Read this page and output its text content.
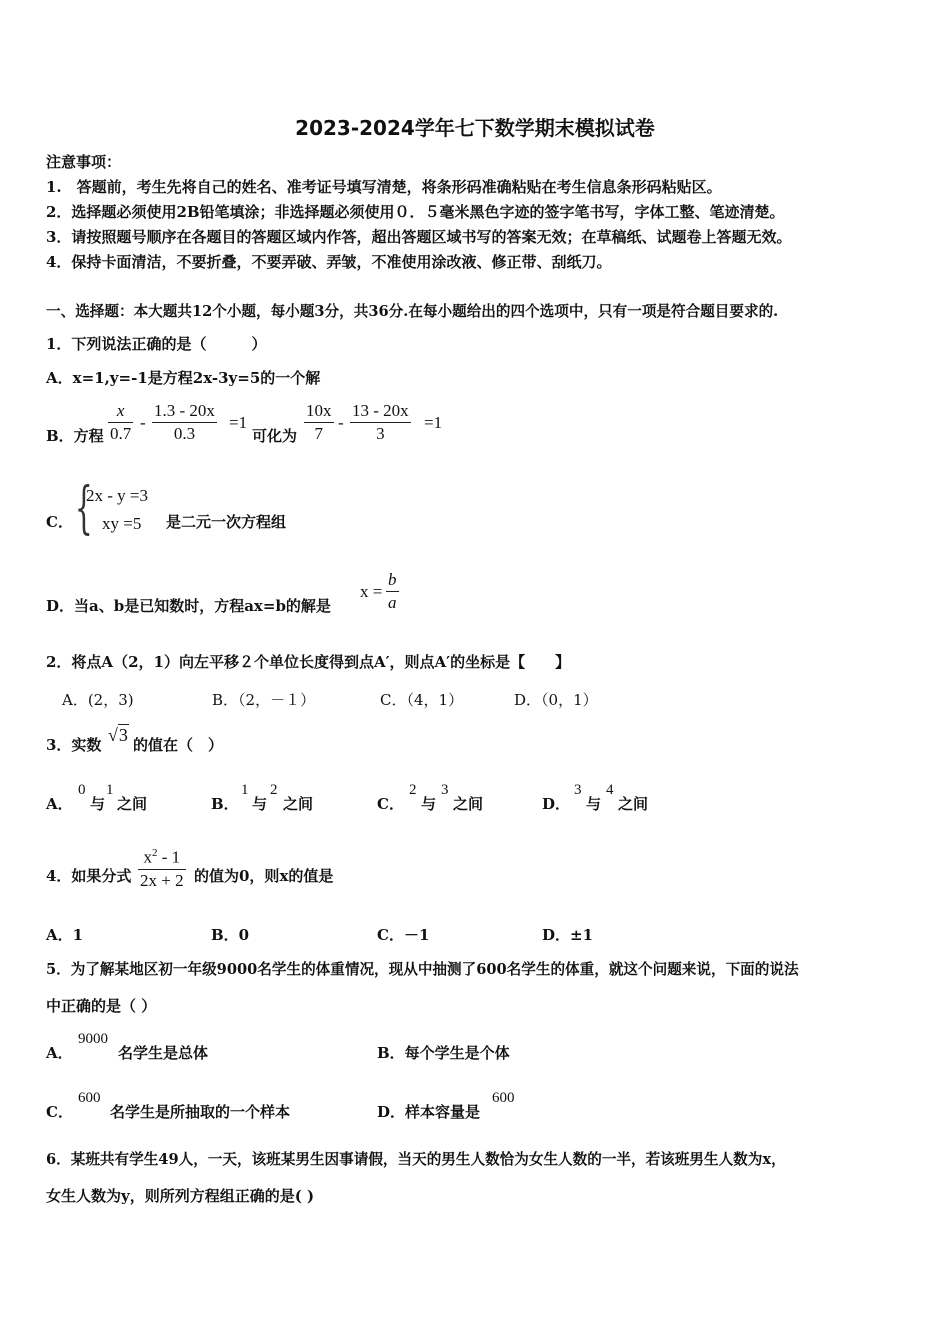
2023-2024学年七下数学期末模拟试卷
注意事项：
1.　答题前，考生先将自己的姓名、准考证号填写清楚，将条形码准确粘贴在考生信息条形码粘贴区。
2．选择题必须使用2B铅笔填涂；非选择题必须使用０．５毫米黑色字迹的签字笔书写，字体工整、笔迹清楚。
3．请按照题号顺序在各题目的答题区域内作答，超出答题区域书写的答案无效；在草稿纸、试题卷上答题无效。
4．保持卡面清洁，不要折叠，不要弄破、弄皱，不准使用涂改液、修正带、刮纸刀。
一、选择题：本大题共12个小题，每小题3分，共36分.在每小题给出的四个选项中，只有一项是符合题目要求的.
1．下列说法正确的是（　　　）
A．x=1,y=-1是方程2x-3y=5的一个解
B．方程
x
0.7
-
1.3 - 20x
0.3
=1
可化为
10x
7
-
13 - 20x
3
=1
C． {
2x - y =3
xy =5 是二元一次方程组
D．当a、b是已知数时，方程ax=b的解是
x =
b
a
2．将点A（2，1）向左平移２个单位长度得到点A′，则点A′的坐标是【　　】
A．(2，3)	B．（2，－１）	C．（4，1）	D．（0，1）
3．实数 √3 的值在（　）
A．
0
与
1
之间	B．
1
与
2
之间	C．
2
与
3
之间	D．
3
与
4
之间
4．如果分式
$x^2 - 1$
2x + 2 的值为0，则x的值是
A．1	B．0	C．－1	D．±1
5．为了解某地区初一年级9000名学生的体重情况，现从中抽测了600名学生的体重，就这个问题来说，下面的说法
中正确的是（ ）
A．
9000
名学生是总体	B．每个学生是个体
C．
600
名学生是所抽取的一个样本	D．样本容量是
600
6．某班共有学生49人，一天，该班某男生因事请假，当天的男生人数恰为女生人数的一半，若该班男生人数为x，
女生人数为y，则所列方程组正确的是( )
